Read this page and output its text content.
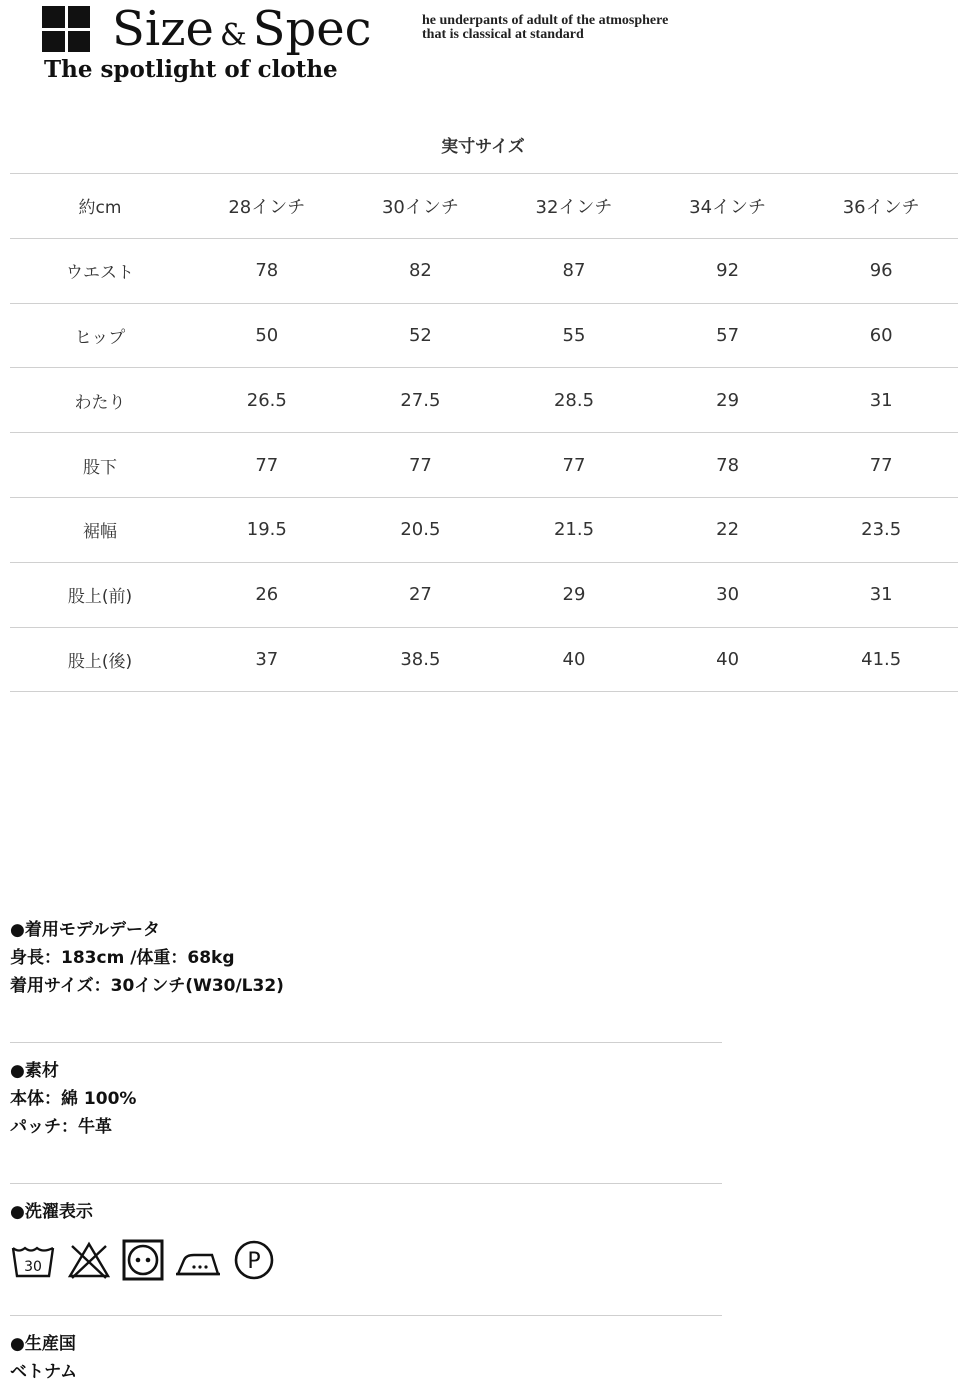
Size & Spec
The spotlight of clothe
he underpants of adult of the atmosphere
that is classical at standard
実寸サイズ
約cm	28インチ	30インチ	32インチ	34インチ	36インチ
ウエスト	78	82	87	92	96
ヒップ	50	52	55	57	60
わたり	26.5	27.5	28.5	29	31
股下	77	77	77	78	77
裾幅	19.5	20.5	21.5	22	23.5
股上(前)	26	27	29	30	31
股上(後)	37	38.5	40	40	41.5
●着用モデルデータ
身長：183cm /体重：68kg
着用サイズ：30インチ(W30/L32)
●素材
本体：綿 100%
パッチ：牛革
●洗濯表示
30	P
●生産国
ベトナム
